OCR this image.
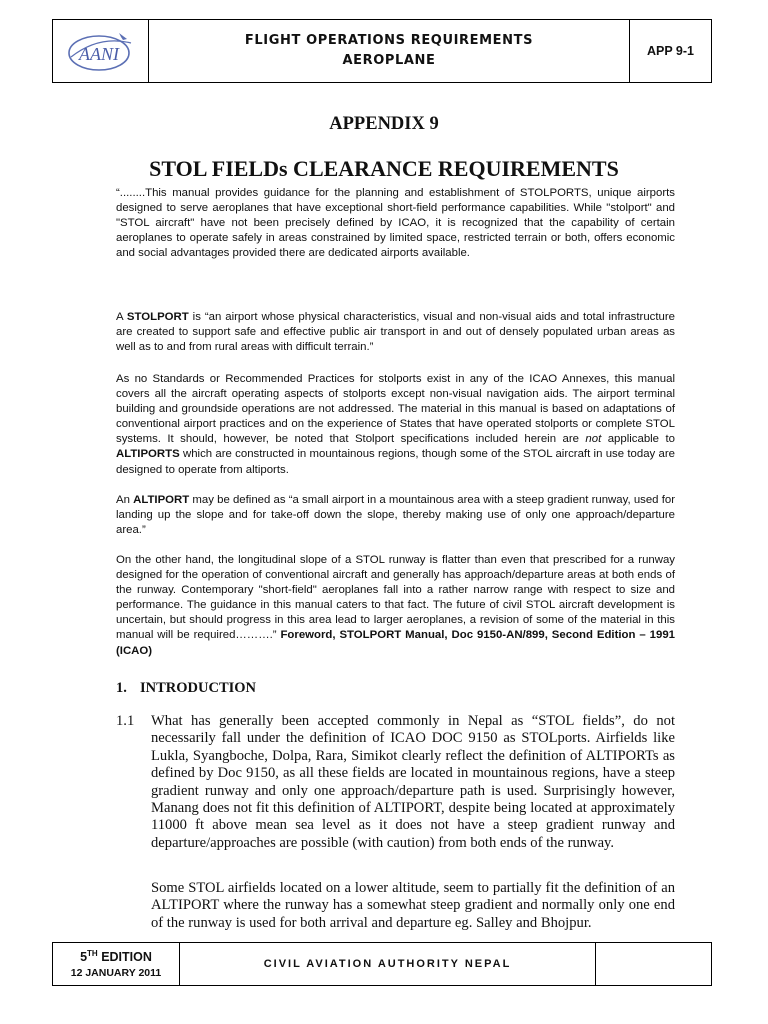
AANI
FLIGHT OPERATIONS REQUIREMENTS
AEROPLANE
APP 9-1
APPENDIX 9
STOL FIELDs CLEARANCE REQUIREMENTS

“........This manual provides guidance for the planning and establishment of STOLPORTS, unique airports designed to serve aeroplanes that have exceptional short-field performance capabilities. While "stolport" and "STOL aircraft" have not been precisely defined by ICAO, it is recognized that the capability of certain aeroplanes to operate safely in areas constrained by limited space, restricted terrain or both, offers economic and social advantages provided there are dedicated airports available.

A STOLPORT is “an airport whose physical characteristics, visual and non-visual aids and total infrastructure are created to support safe and effective public air transport in and out of densely populated urban areas as well as to and from rural areas with difficult terrain.”

As no Standards or Recommended Practices for stolports exist in any of the ICAO Annexes, this manual covers all the aircraft operating aspects of stolports except non-visual navigation aids. The airport terminal building and groundside operations are not addressed. The material in this manual is based on adaptations of conventional airport practices and on the experience of States that have operated stolports or complete STOL systems. It should, however, be noted that Stolport specifications included herein are not applicable to ALTIPORTS which are constructed in mountainous regions, though some of the STOL aircraft in use today are designed to operate from altiports.

An ALTIPORT may be defined as “a small airport in a mountainous area with a steep gradient runway, used for landing up the slope and for take-off down the slope, thereby making use of only one approach/departure area.”

On the other hand, the longitudinal slope of a STOL runway is flatter than even that prescribed for a runway designed for the operation of conventional aircraft and generally has approach/departure areas at both ends of the runway. Contemporary "short-field" aeroplanes fall into a rather narrow range with respect to size and performance. The guidance in this manual caters to that fact. The future of civil STOL aircraft development is uncertain, but should progress in this area lead to larger aeroplanes, a revision of some of the material in this manual will be required……….” Foreword, STOLPORT Manual, Doc 9150-AN/899, Second Edition – 1991 (ICAO)

1. INTRODUCTION
1.1 What has generally been accepted commonly in Nepal as “STOL fields”, do not necessarily fall under the definition of ICAO DOC 9150 as STOLports. Airfields like Lukla, Syangboche, Dolpa, Rara, Simikot clearly reflect the definition of ALTIPORTs as defined by Doc 9150, as all these fields are located in mountainous regions, have a steep gradient runway and only one approach/departure path is used. Surprisingly however, Manang does not fit this definition of ALTIPORT, despite being located at approximately 11000 ft above mean sea level as it does not have a steep gradient runway and departure/approaches are possible (with caution) from both ends of the runway.

Some STOL airfields located on a lower altitude, seem to partially fit the definition of an ALTIPORT where the runway has a somewhat steep gradient and normally only one end of the runway is used for both arrival and departure eg. Salley and Bhojpur.

5TH EDITION
12 JANUARY 2011
CIVIL AVIATION AUTHORITY NEPAL
